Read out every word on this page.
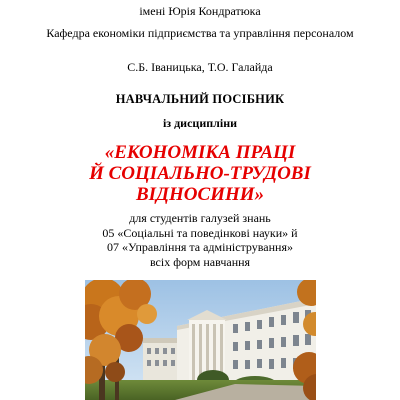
імені Юрія Кондратюка
Кафедра економіки підприємства та управління персоналом
С.Б. Іваницька, Т.О. Галайда
НАВЧАЛЬНИЙ ПОСІБНИК
із дисципліни
«ЕКОНОМІКА ПРАЦІ
Й СОЦІАЛЬНО-ТРУДОВІ
ВІДНОСИНИ»
для студентів галузей знань
05 «Соціальні та поведінкові науки» й
07 «Управління та адміністрування»
всіх форм навчання
